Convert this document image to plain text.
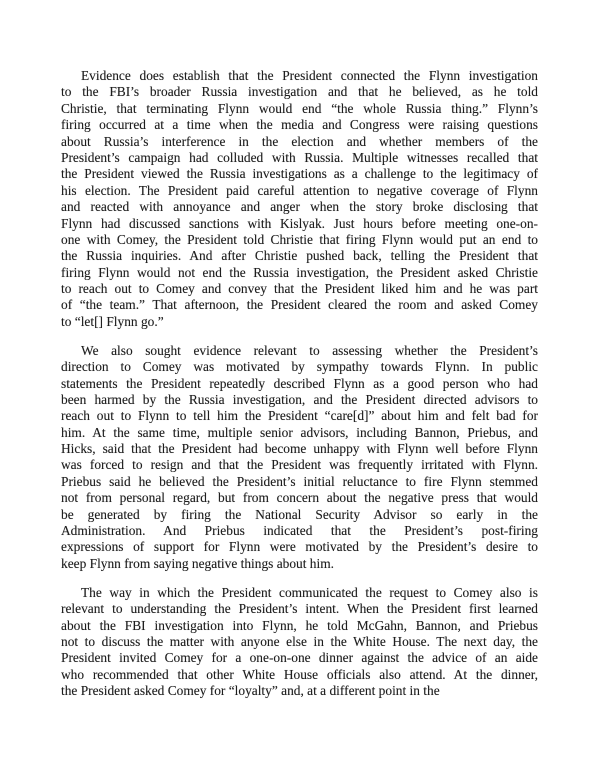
Evidence does establish that the President connected the Flynn investigation
to the FBI’s broader Russia investigation and that he believed, as he told
Christie, that terminating Flynn would end “the whole Russia thing.” Flynn’s
firing occurred at a time when the media and Congress were raising questions
about Russia’s interference in the election and whether members of the
President’s campaign had colluded with Russia. Multiple witnesses recalled that
the President viewed the Russia investigations as a challenge to the legitimacy of
his election. The President paid careful attention to negative coverage of Flynn
and reacted with annoyance and anger when the story broke disclosing that
Flynn had discussed sanctions with Kislyak. Just hours before meeting one-on-
one with Comey, the President told Christie that firing Flynn would put an end to
the Russia inquiries. And after Christie pushed back, telling the President that
firing Flynn would not end the Russia investigation, the President asked Christie
to reach out to Comey and convey that the President liked him and he was part
of “the team.” That afternoon, the President cleared the room and asked Comey
to “let[] Flynn go.”
We also sought evidence relevant to assessing whether the President’s
direction to Comey was motivated by sympathy towards Flynn. In public
statements the President repeatedly described Flynn as a good person who had
been harmed by the Russia investigation, and the President directed advisors to
reach out to Flynn to tell him the President “care[d]” about him and felt bad for
him. At the same time, multiple senior advisors, including Bannon, Priebus, and
Hicks, said that the President had become unhappy with Flynn well before Flynn
was forced to resign and that the President was frequently irritated with Flynn.
Priebus said he believed the President’s initial reluctance to fire Flynn stemmed
not from personal regard, but from concern about the negative press that would
be generated by firing the National Security Advisor so early in the
Administration. And Priebus indicated that the President’s post-firing
expressions of support for Flynn were motivated by the President’s desire to
keep Flynn from saying negative things about him.
The way in which the President communicated the request to Comey also is
relevant to understanding the President’s intent. When the President first learned
about the FBI investigation into Flynn, he told McGahn, Bannon, and Priebus
not to discuss the matter with anyone else in the White House. The next day, the
President invited Comey for a one-on-one dinner against the advice of an aide
who recommended that other White House officials also attend. At the dinner,
the President asked Comey for “loyalty” and, at a different point in the
